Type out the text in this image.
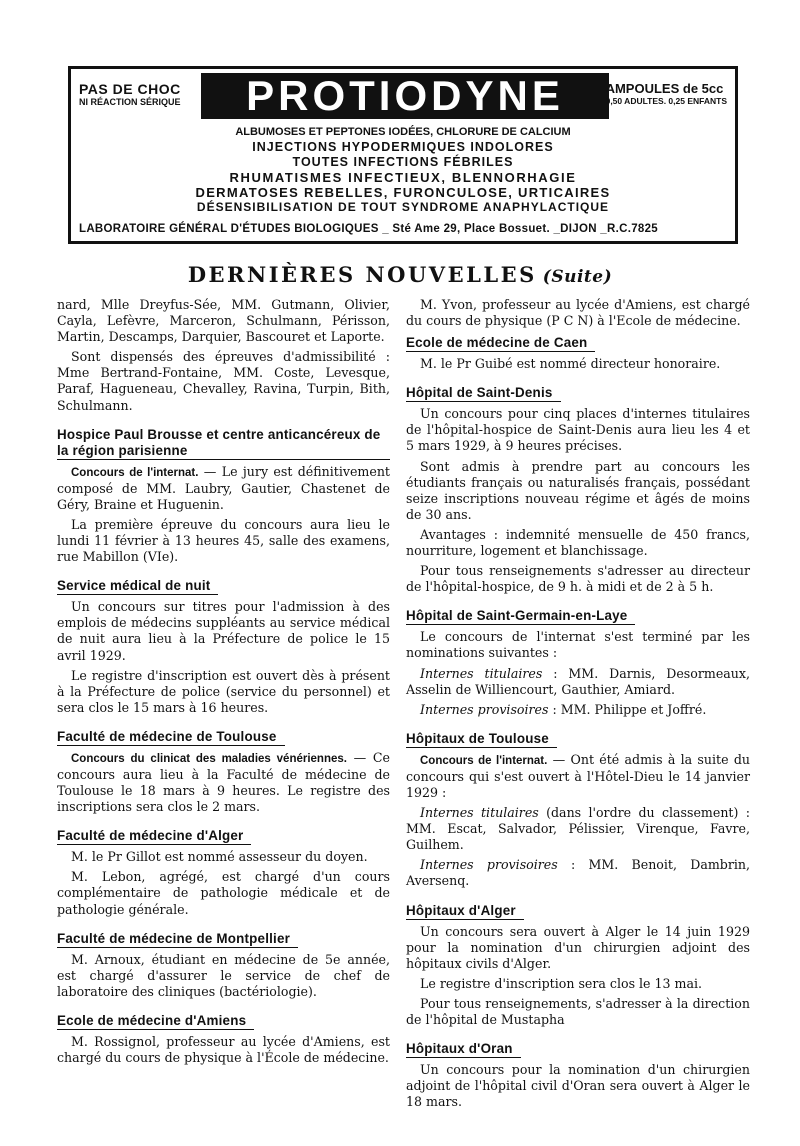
PAS DE CHOC
NI RÉACTION SÉRIQUE	PROTIODYNE	AMPOULES de 5cc
0,50 ADULTES. 0,25 ENFANTS
ALBUMOSES ET PEPTONES IODÉES, CHLORURE DE CALCIUM
INJECTIONS HYPODERMIQUES INDOLORES
TOUTES INFECTIONS FÉBRILES
RHUMATISMES INFECTIEUX, BLENNORHAGIE
DERMATOSES REBELLES, FURONCULOSE, URTICAIRES
DÉSENSIBILISATION DE TOUT SYNDROME ANAPHYLACTIQUE
LABORATOIRE GÉNÉRAL D'ÉTUDES BIOLOGIQUES _ Sté Ame 29, Place Bossuet. _DIJON _R.C.7825
DERNIÈRES NOUVELLES (Suite)

nard, Mlle Dreyfus-Sée, MM. Gutmann, Olivier, Cayla, Lefèvre, Marceron, Schulmann, Périsson, Martin, Descamps, Darquier, Bascouret et Laporte.

Sont dispensés des épreuves d'admissibilité : Mme Bertrand-Fontaine, MM. Coste, Levesque, Paraf, Hagueneau, Chevalley, Ravina, Turpin, Bith, Schulmann.

Hospice Paul Brousse et centre anticancéreux de la région parisienne

Concours de l'internat. — Le jury est définitivement composé de MM. Laubry, Gautier, Chastenet de Géry, Braine et Huguenin.

La première épreuve du concours aura lieu le lundi 11 février à 13 heures 45, salle des examens, rue Mabillon (VIe).

Service médical de nuit

Un concours sur titres pour l'admission à des emplois de médecins suppléants au service médical de nuit aura lieu à la Préfecture de police le 15 avril 1929.

Le registre d'inscription est ouvert dès à présent à la Préfecture de police (service du personnel) et sera clos le 15 mars à 16 heures.

Faculté de médecine de Toulouse

Concours du clinicat des maladies vénériennes. — Ce concours aura lieu à la Faculté de médecine de Toulouse le 18 mars à 9 heures. Le registre des inscriptions sera clos le 2 mars.

Faculté de médecine d'Alger

M. le Pr Gillot est nommé assesseur du doyen.

M. Lebon, agrégé, est chargé d'un cours complémentaire de pathologie médicale et de pathologie générale.

Faculté de médecine de Montpellier

M. Arnoux, étudiant en médecine de 5e année, est chargé d'assurer le service de chef de laboratoire des cliniques (bactériologie).

Ecole de médecine d'Amiens

M. Rossignol, professeur au lycée d'Amiens, est chargé du cours de physique à l'École de médecine.

M. Yvon, professeur au lycée d'Amiens, est chargé du cours de physique (P C N) à l'Ecole de médecine.

Ecole de médecine de Caen

M. le Pr Guibé est nommé directeur honoraire.

Hôpital de Saint-Denis

Un concours pour cinq places d'internes titulaires de l'hôpital-hospice de Saint-Denis aura lieu les 4 et 5 mars 1929, à 9 heures précises.

Sont admis à prendre part au concours les étudiants français ou naturalisés français, possédant seize inscriptions nouveau régime et âgés de moins de 30 ans.

Avantages : indemnité mensuelle de 450 francs, nourriture, logement et blanchissage.

Pour tous renseignements s'adresser au directeur de l'hôpital-hospice, de 9 h. à midi et de 2 à 5 h.

Hôpital de Saint-Germain-en-Laye

Le concours de l'internat s'est terminé par les nominations suivantes :

Internes titulaires : MM. Darnis, Desormeaux, Asselin de Williencourt, Gauthier, Amiard.

Internes provisoires : MM. Philippe et Joffré.

Hôpitaux de Toulouse

Concours de l'internat. — Ont été admis à la suite du concours qui s'est ouvert à l'Hôtel-Dieu le 14 janvier 1929 :

Internes titulaires (dans l'ordre du classement) : MM. Escat, Salvador, Pélissier, Virenque, Favre, Guilhem.

Internes provisoires : MM. Benoit, Dambrin, Aversenq.

Hôpitaux d'Alger

Un concours sera ouvert à Alger le 14 juin 1929 pour la nomination d'un chirurgien adjoint des hôpitaux civils d'Alger.

Le registre d'inscription sera clos le 13 mai.

Pour tous renseignements, s'adresser à la direction de l'hôpital de Mustapha

Hôpitaux d'Oran

Un concours pour la nomination d'un chirurgien adjoint de l'hôpital civil d'Oran sera ouvert à Alger le 18 mars.
